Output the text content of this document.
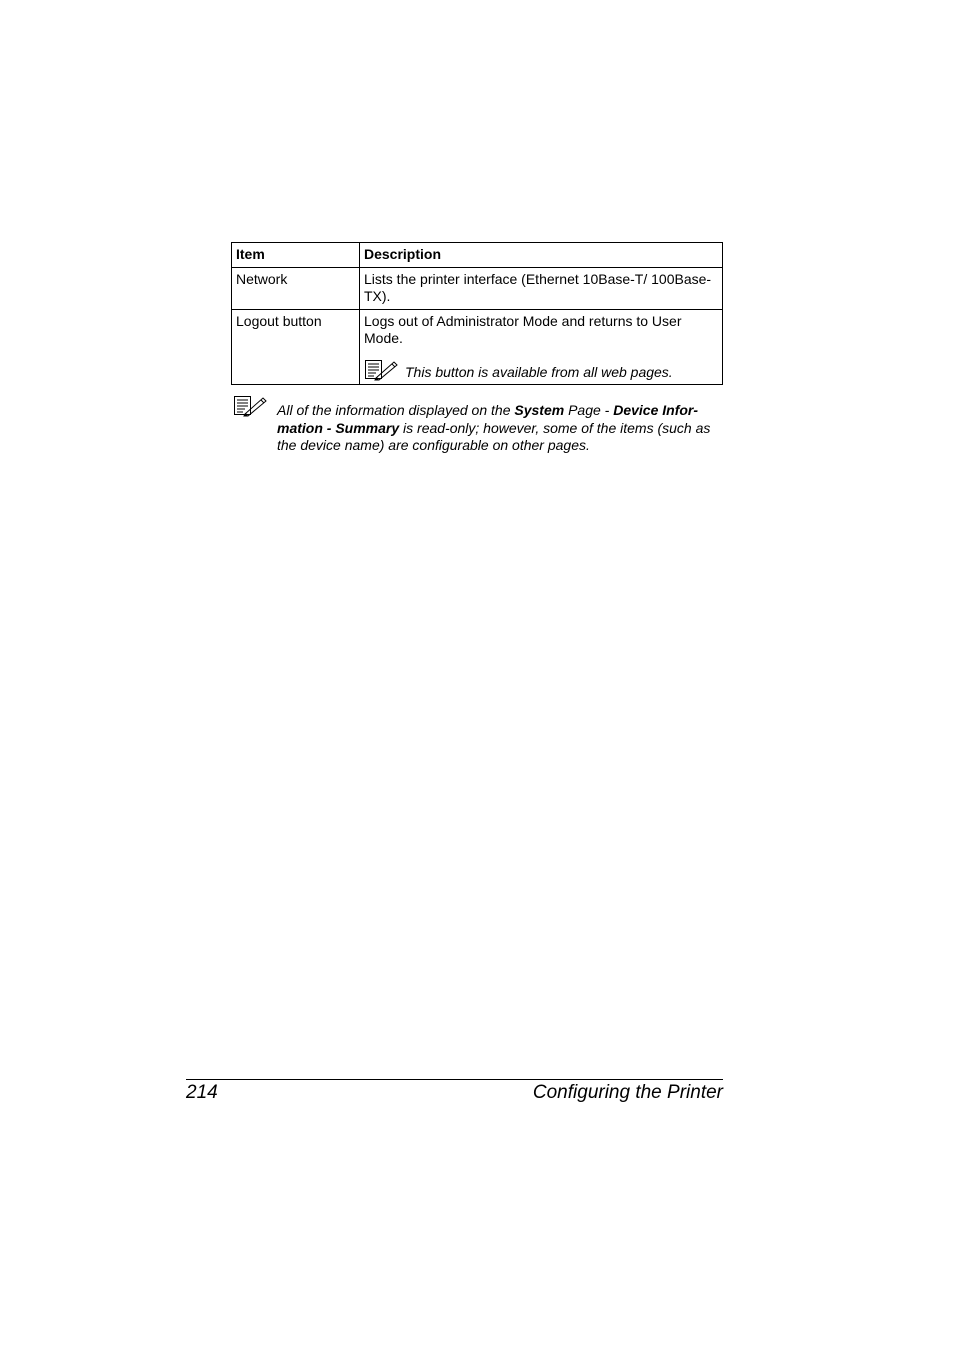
Item	Description
Network	Lists the printer interface (Ethernet 10Base-T/ 100Base-TX).
Logout button	Logs out of Administrator Mode and returns to User Mode.
This button is available from all web pages.
All of the information displayed on the System Page - Device Infor-mation - Summary is read-only; however, some of the items (such as the device name) are configurable on other pages.
214	Configuring the Printer
